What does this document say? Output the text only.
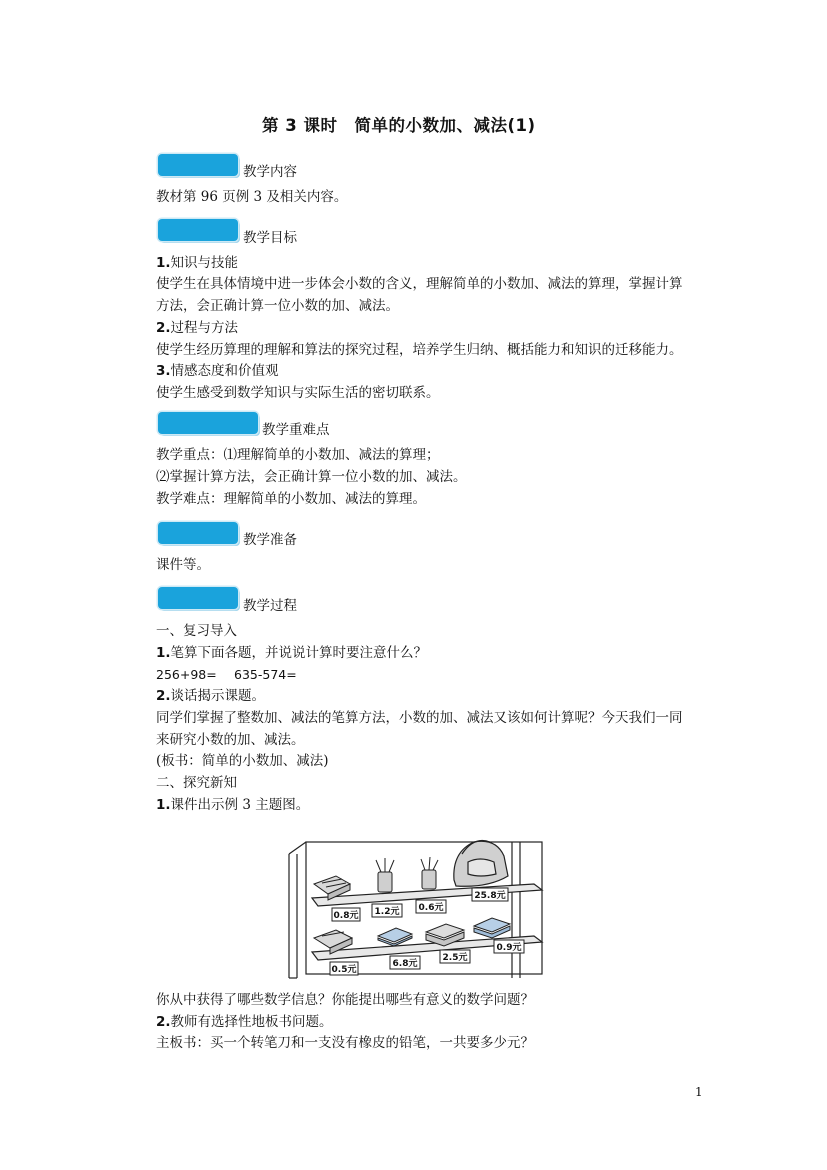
第 3 课时　简单的小数加、减法(1)
教学内容
教材第 96 页例 3 及相关内容。
教学目标
1.知识与技能
使学生在具体情境中进一步体会小数的含义，理解简单的小数加、减法的算理，掌握计算
方法，会正确计算一位小数的加、减法。
2.过程与方法
使学生经历算理的理解和算法的探究过程，培养学生归纳、概括能力和知识的迁移能力。
3.情感态度和价值观
使学生感受到数学知识与实际生活的密切联系。
教学重难点
教学重点：⑴理解简单的小数加、减法的算理；
⑵掌握计算方法，会正确计算一位小数的加、减法。
教学难点：理解简单的小数加、减法的算理。
教学准备
课件等。
教学过程
一、复习导入
1.笔算下面各题，并说说计算时要注意什么？
256+98= 635-574=
2.谈话揭示课题。
同学们掌握了整数加、减法的笔算方法，小数的加、减法又该如何计算呢？今天我们一同
来研究小数的加、减法。
(板书：简单的小数加、减法)
二、探究新知
1.课件出示例 3 主题图。
0.8元 1.2元 0.6元
25.8元
0.5元
6.8元
2.5元
0.9元
你从中获得了哪些数学信息？你能提出哪些有意义的数学问题？
2.教师有选择性地板书问题。
主板书：买一个转笔刀和一支没有橡皮的铅笔，一共要多少元？
1
